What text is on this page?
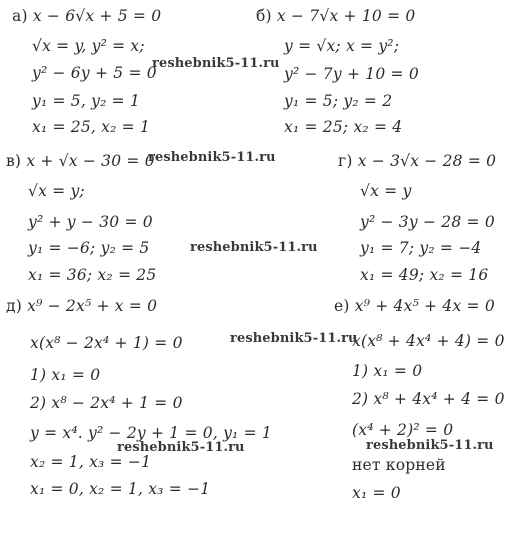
а) x − 6√x + 5 = 0
√x = y, y² = x;
y² − 6y + 5 = 0
y₁ = 5, y₂ = 1
x₁ = 25, x₂ = 1
б) x − 7√x + 10 = 0
y = √x; x = y²;
y² − 7y + 10 = 0
y₁ = 5; y₂ = 2
x₁ = 25; x₂ = 4
в) x + √x − 30 = 0
√x = y;
y² + y − 30 = 0
y₁ = −6; y₂ = 5
x₁ = 36; x₂ = 25
г) x − 3√x − 28 = 0
√x = y
y² − 3y − 28 = 0
y₁ = 7; y₂ = −4
x₁ = 49; x₂ = 16
д) x⁹ − 2x⁵ + x = 0
x(x⁸ − 2x⁴ + 1) = 0
1) x₁ = 0
2) x⁸ − 2x⁴ + 1 = 0
y = x⁴. y² − 2y + 1 = 0, y₁ = 1
x₂ = 1, x₃ = −1
x₁ = 0, x₂ = 1, x₃ = −1
е) x⁹ + 4x⁵ + 4x = 0
x(x⁸ + 4x⁴ + 4) = 0
1) x₁ = 0
2) x⁸ + 4x⁴ + 4 = 0
(x⁴ + 2)² = 0
нет корней
x₁ = 0
reshebnik5-11.ru
reshebnik5-11.ru
reshebnik5-11.ru
reshebnik5-11.ru
reshebnik5-11.ru	reshebnik5-11.ru
